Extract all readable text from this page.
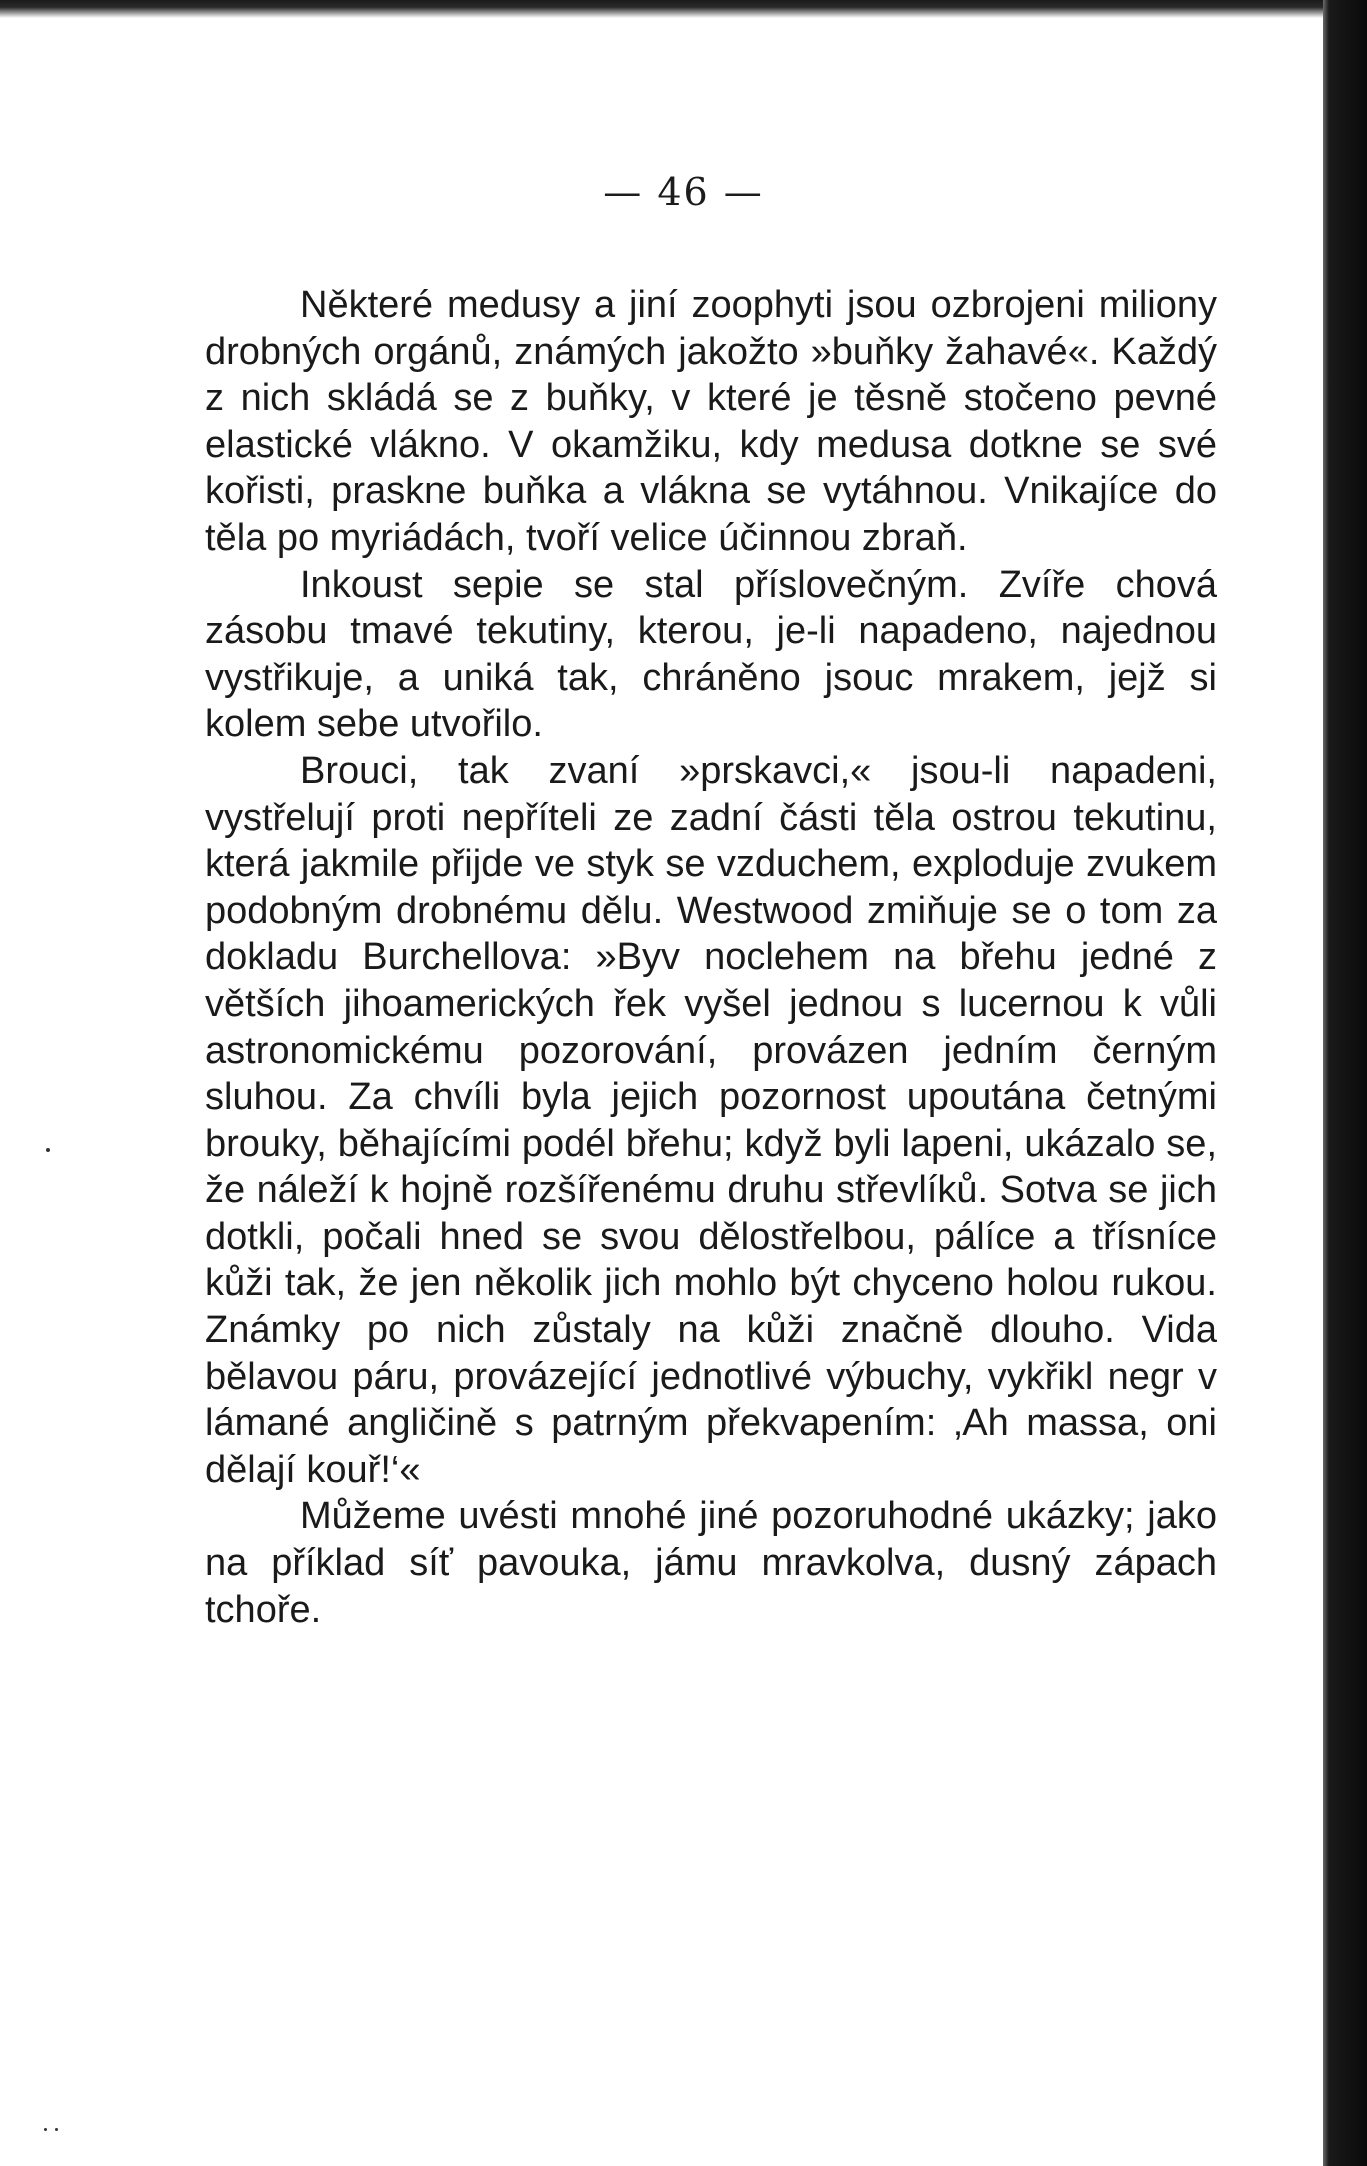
— 46 —

Některé medusy a jiní zoophyti jsou ozbrojeni miliony drobných orgánů, známých jakožto »buňky žahavé«. Každý z nich skládá se z buňky, v které je těsně stočeno pevné elastické vlákno. V okamžiku, kdy medusa dotkne se své kořisti, praskne buňka a vlákna se vytáhnou. Vnikajíce do těla po myriádách, tvoří velice účinnou zbraň.

Inkoust sepie se stal příslovečným. Zvíře chová zásobu tmavé tekutiny, kterou, je-li napadeno, najednou vystřikuje, a uniká tak, chráněno jsouc mrakem, jejž si kolem sebe utvořilo.

Brouci, tak zvaní »prskavci,« jsou-li napadeni, vystřelují proti nepříteli ze zadní části těla ostrou tekutinu, která jakmile přijde ve styk se vzduchem, exploduje zvukem podobným drobnému dělu. Westwood zmiňuje se o tom za dokladu Burchellova: »Byv noclehem na břehu jedné z větších jihoamerických řek vyšel jednou s lucernou k vůli astronomickému pozorování, provázen jedním černým sluhou. Za chvíli byla jejich pozornost upoutána četnými brouky, běhajícími podél břehu; když byli lapeni, ukázalo se, že náleží k hojně rozšířenému druhu střevlíků. Sotva se jich dotkli, počali hned se svou dělostřelbou, pálíce a třísníce kůži tak, že jen několik jich mohlo být chyceno holou rukou. Známky po nich zůstaly na kůži značně dlouho. Vida bělavou páru, provázející jednotlivé výbuchy, vykřikl negr v lámané angličině s patrným překvapením: ‚Ah massa, oni dělají kouř!‘«

Můžeme uvésti mnohé jiné pozoruhodné ukázky; jako na příklad síť pavouka, jámu mravkolva, dusný zápach tchoře.
